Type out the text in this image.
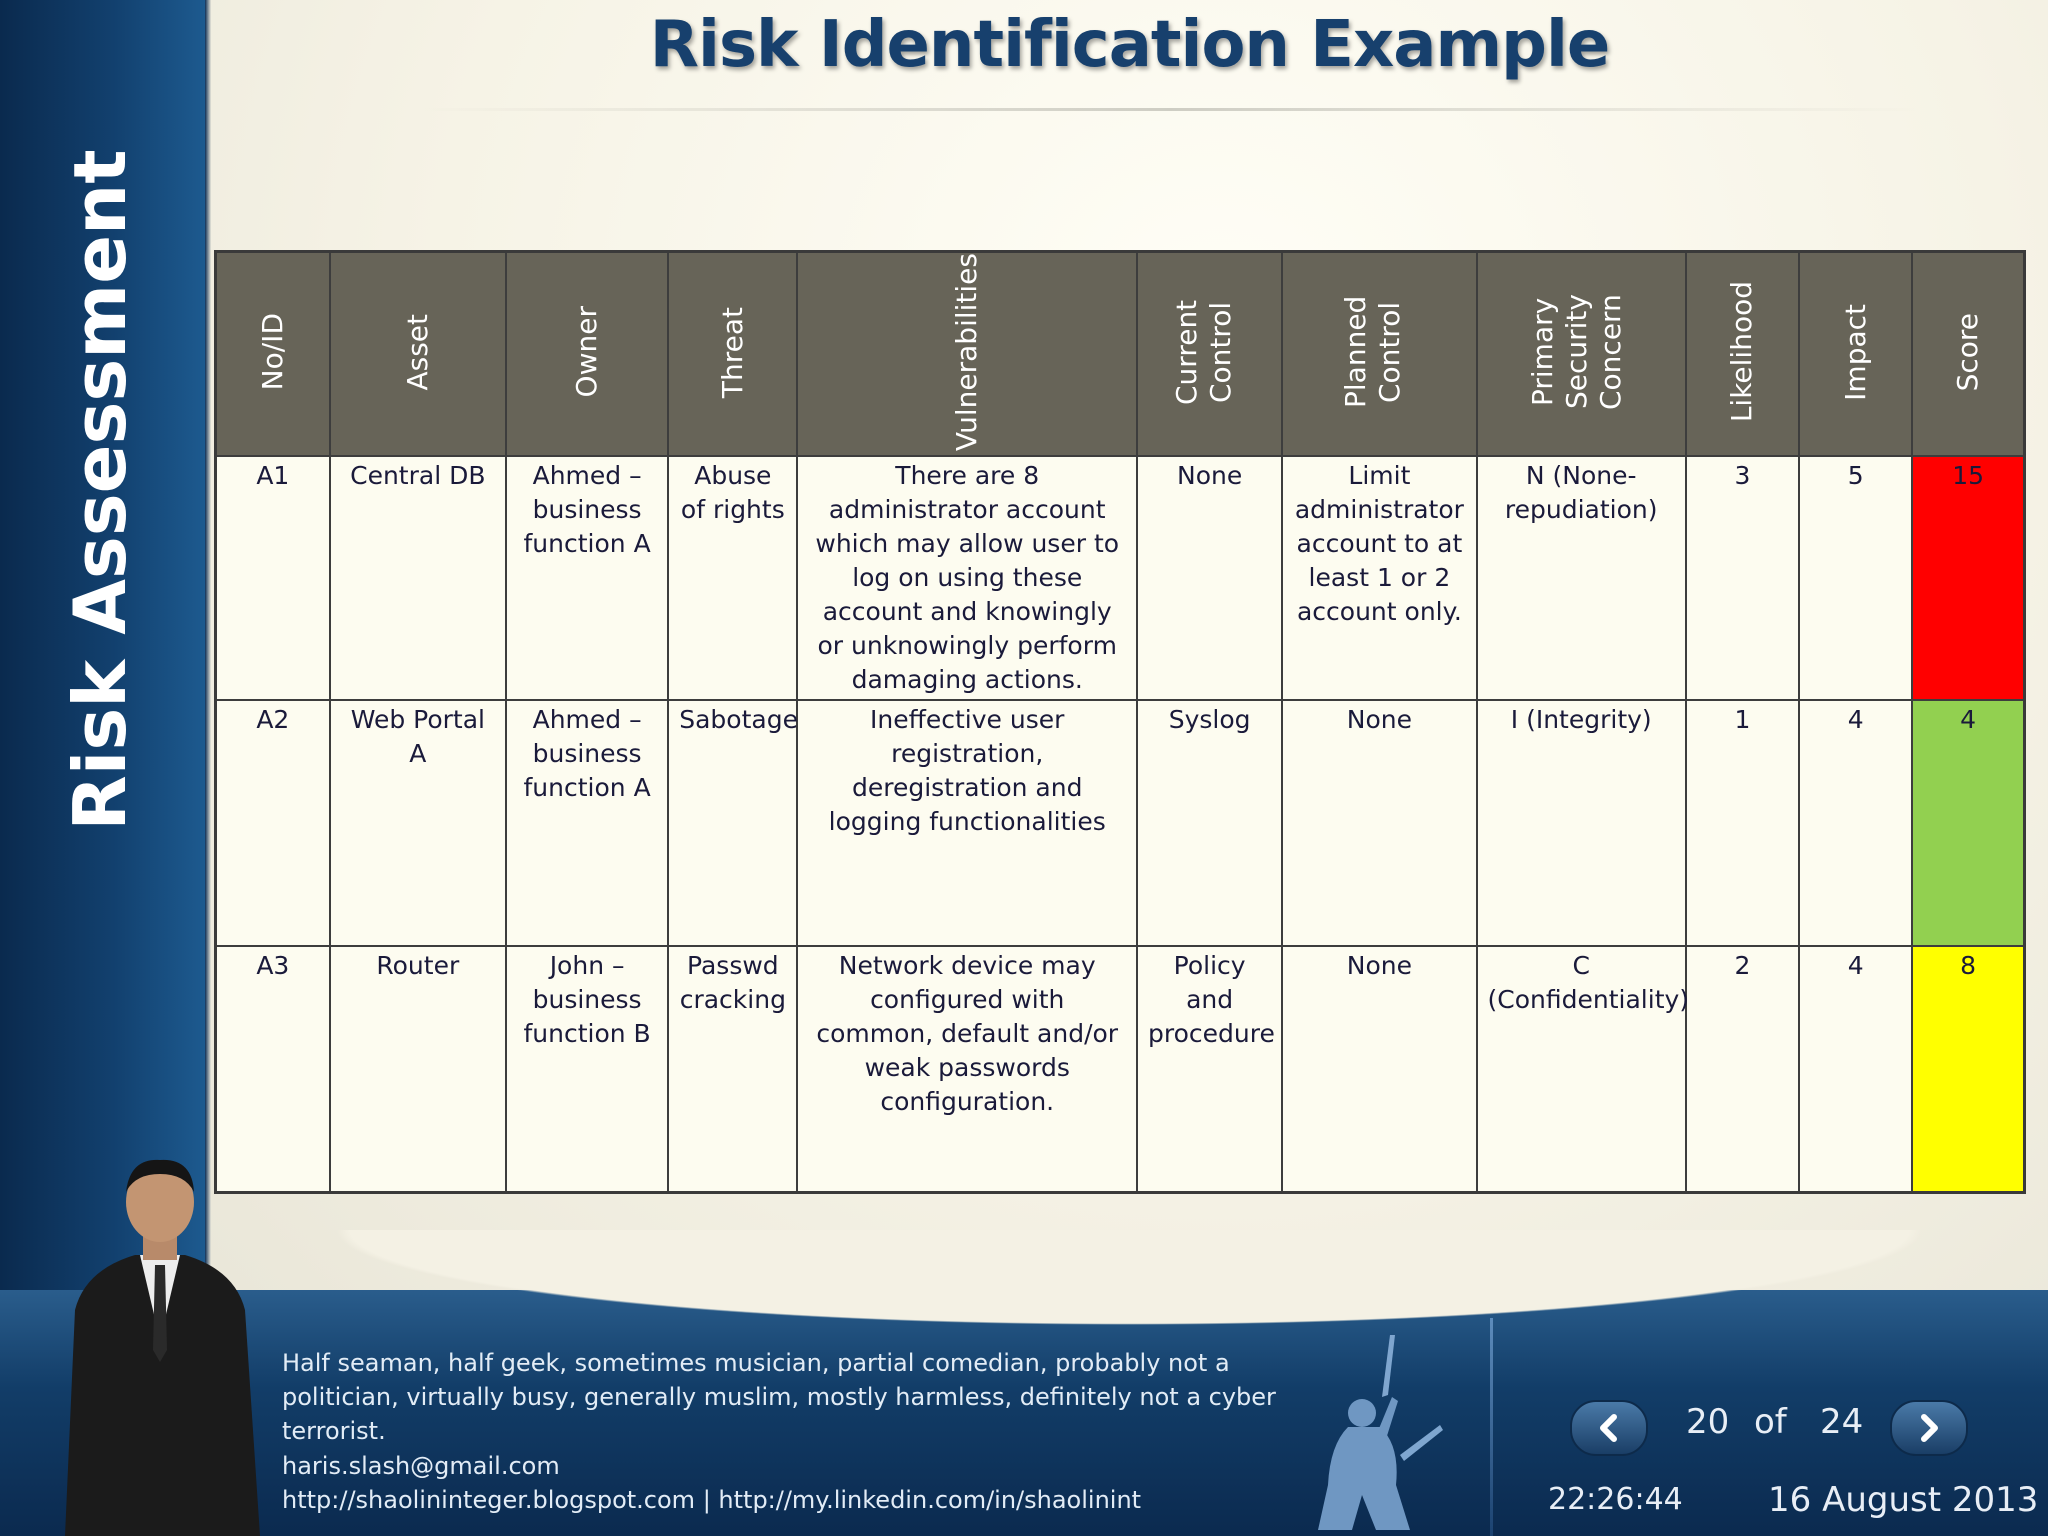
Risk Assessment
Risk Identification Example
No/ID	Asset	Owner	Threat	Vulnerabilities	Current Control	Planned Control	Primary Security Concern	Likelihood	Impact	Score
A1	Central DB	Ahmed – business function A	Abuse of rights	There are 8 administrator account which may allow user to log on using these account and knowingly or unknowingly perform damaging actions.	None	Limit administrator account to at least 1 or 2 account only.	N (None-repudiation)	3	5	15
A2	Web Portal A	Ahmed – business function A	Sabotage	Ineffective user registration, deregistration and logging functionalities	Syslog	None	I (Integrity)	1	4	4
A3	Router	John – business function B	Passwd cracking	Network device may configured with common, default and/or weak passwords configuration.	Policy and procedure	None	C (Confidentiality)	2	4	8
Half seaman, half geek, sometimes musician, partial comedian, probably not a politician, virtually busy, generally muslim, mostly harmless, definitely not a cyber terrorist.
haris.slash@gmail.com
http://shaolininteger.blogspot.com | http://my.linkedin.com/in/shaolinint
20 of 24
22:26:44	16 August 2013
